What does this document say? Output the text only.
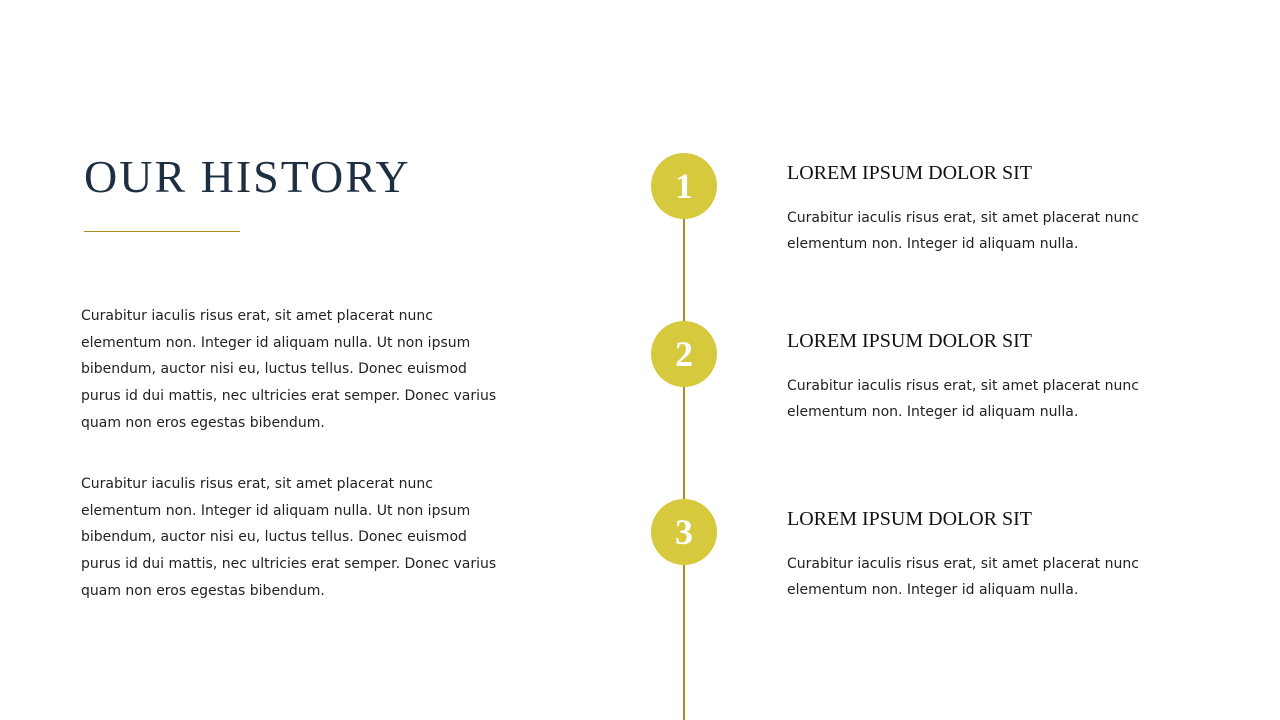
OUR HISTORY

Curabitur iaculis risus erat, sit amet placerat nunc elementum non. Integer id aliquam nulla. Ut non ipsum bibendum, auctor nisi eu, luctus tellus. Donec euismod purus id dui mattis, nec ultricies erat semper. Donec varius quam non eros egestas bibendum.

Curabitur iaculis risus erat, sit amet placerat nunc elementum non. Integer id aliquam nulla. Ut non ipsum bibendum, auctor nisi eu, luctus tellus. Donec euismod purus id dui mattis, nec ultricies erat semper. Donec varius quam non eros egestas bibendum.

1	LOREM IPSUM DOLOR SIT

Curabitur iaculis risus erat, sit amet placerat nunc elementum non. Integer id aliquam nulla.

2	LOREM IPSUM DOLOR SIT

Curabitur iaculis risus erat, sit amet placerat nunc elementum non. Integer id aliquam nulla.

3	LOREM IPSUM DOLOR SIT

Curabitur iaculis risus erat, sit amet placerat nunc elementum non. Integer id aliquam nulla.
